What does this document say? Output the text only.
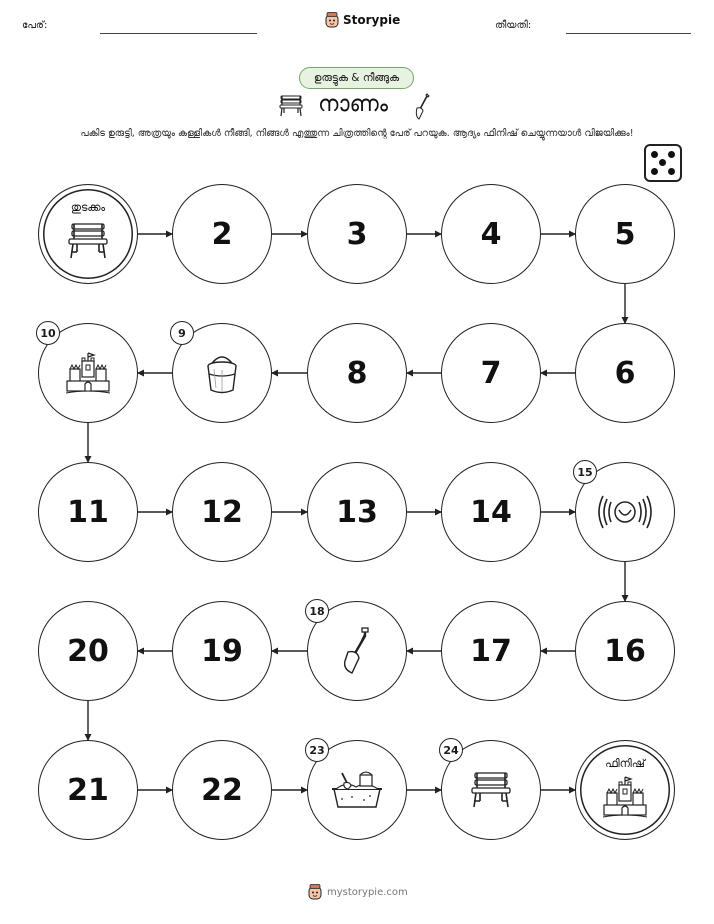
പേര്:	Storypie	തീയതി:
ഉരുട്ടുക & നീങ്ങുക
നാണം
പകിട ഉരുട്ടി, അത്രയും കള്ളികൾ നീങ്ങി, നിങ്ങൾ എത്തുന്ന ചിത്രത്തിന്റെ പേര് പറയുക. ആദ്യം ഫിനിഷ് ചെയ്യുന്നയാൾ വിജയിക്കും!
ഫിനിഷ്
22
21
20	19	17	16
14
13
12
11
8	7	6
5
4
3
2
തുടക്കം
9
10
15
18
23	24
mystorypie.com
